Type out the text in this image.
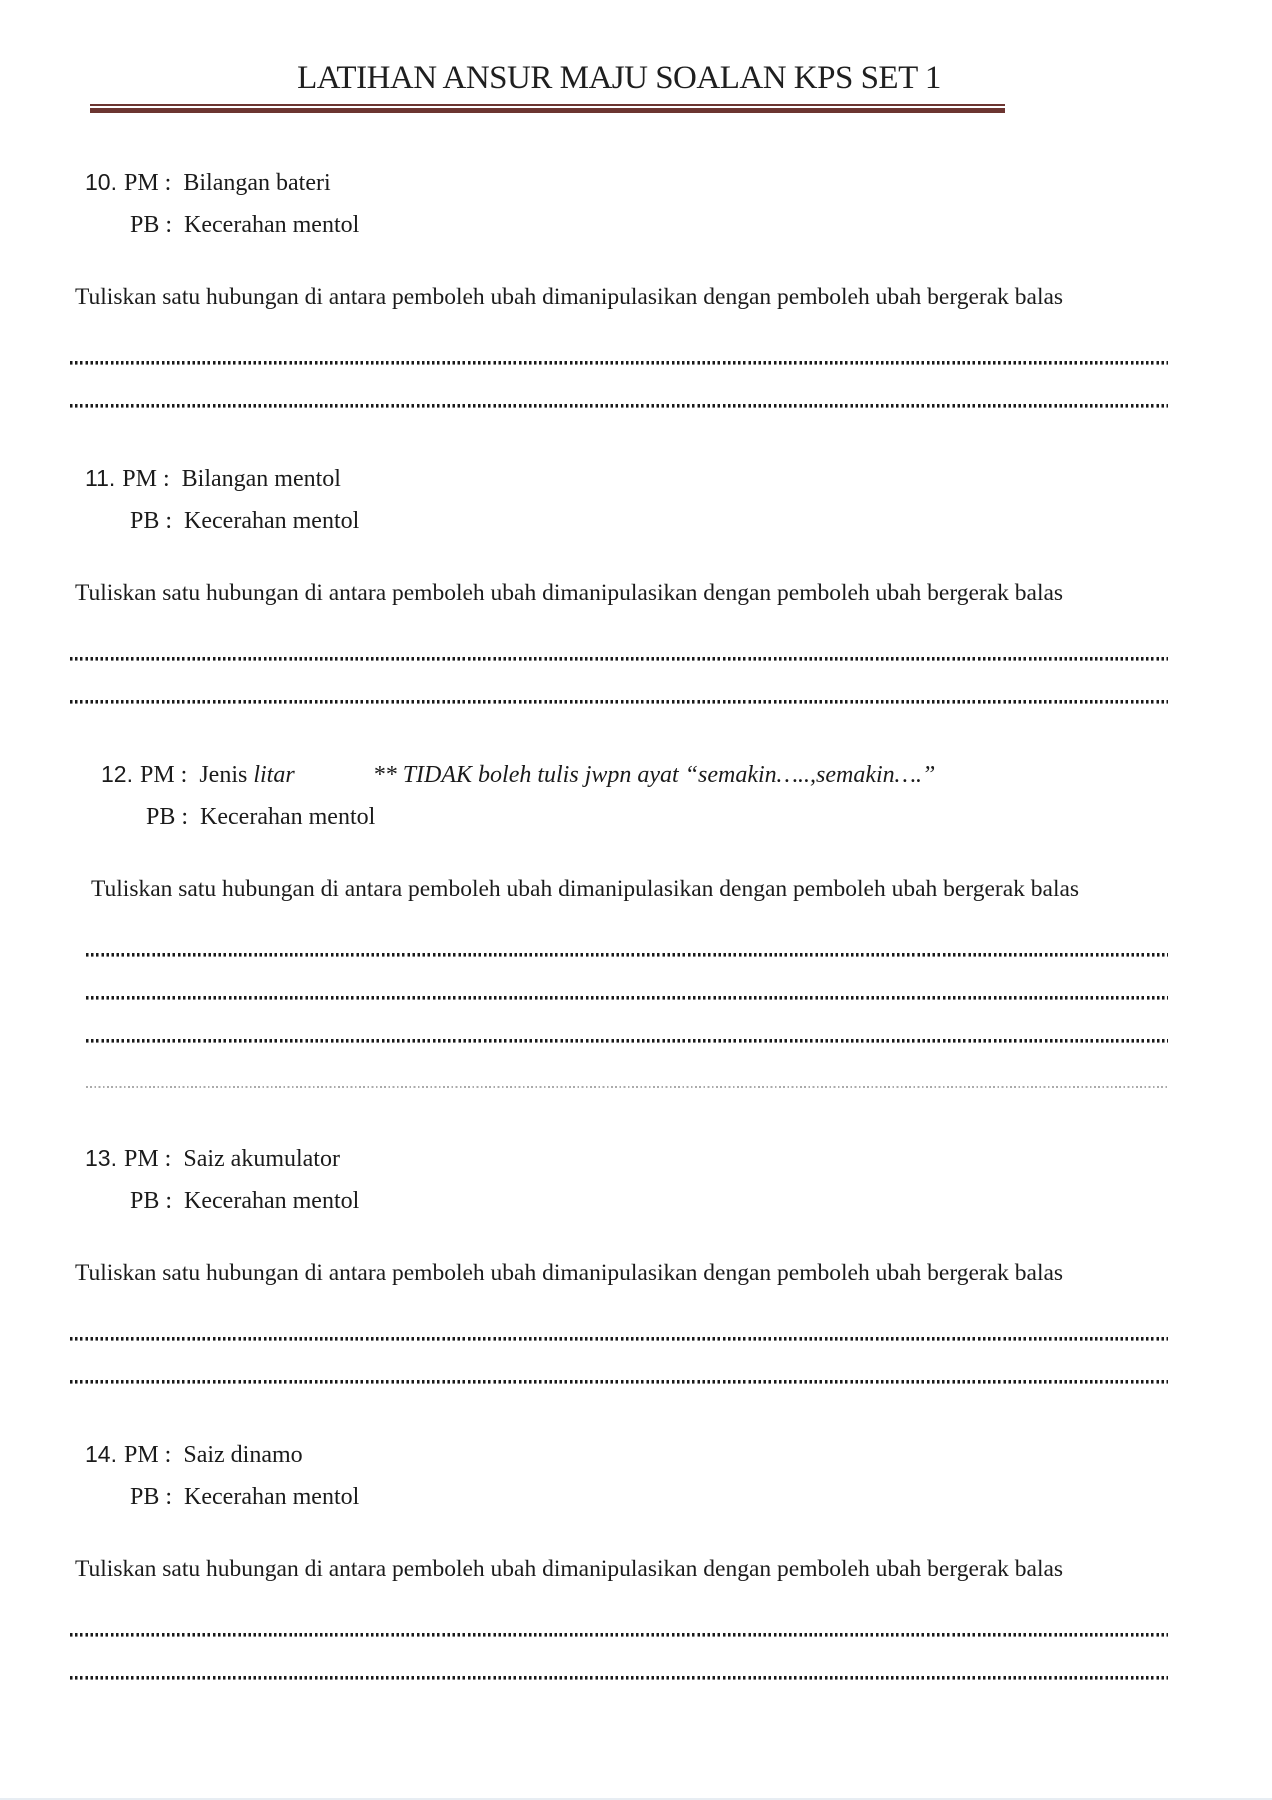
LATIHAN ANSUR MAJU SOALAN KPS SET 1
10. PM :  Bilangan bateri
PB :  Kecerahan mentol

Tuliskan satu hubungan di antara pemboleh ubah dimanipulasikan dengan pemboleh ubah bergerak balas

11. PM :  Bilangan mentol
PB :  Kecerahan mentol

Tuliskan satu hubungan di antara pemboleh ubah dimanipulasikan dengan pemboleh ubah bergerak balas

12. PM :  Jenis litar	** TIDAK boleh tulis jwpn ayat “semakin…..,semakin….”
PB :  Kecerahan mentol

Tuliskan satu hubungan di antara pemboleh ubah dimanipulasikan dengan pemboleh ubah bergerak balas

13. PM :  Saiz akumulator
PB :  Kecerahan mentol

Tuliskan satu hubungan di antara pemboleh ubah dimanipulasikan dengan pemboleh ubah bergerak balas

14. PM :  Saiz dinamo
PB :  Kecerahan mentol

Tuliskan satu hubungan di antara pemboleh ubah dimanipulasikan dengan pemboleh ubah bergerak balas
